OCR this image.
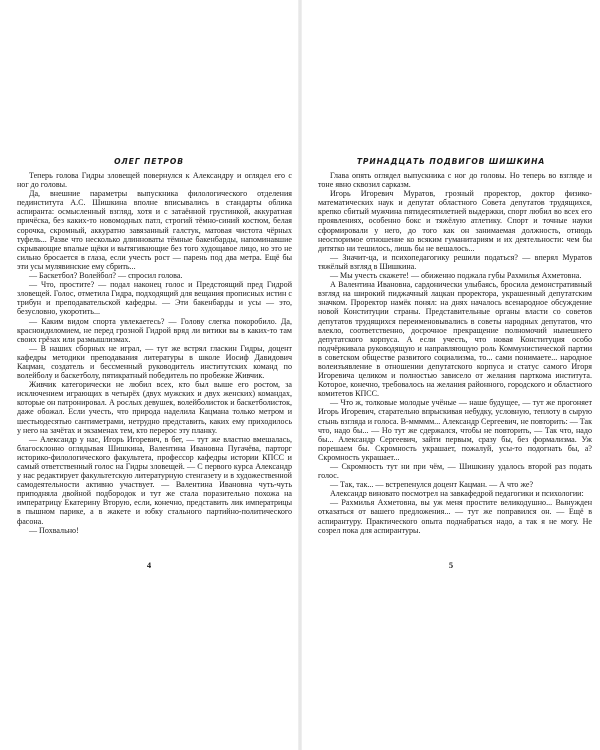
ОЛЕГ ПЕТРОВ

Теперь голова Гидры зловещей повернулся к Александру и оглядел его с ног до головы.

Да, внешние параметры выпускника филологического отделения пединститута А.С. Шишкина вполне вписывались в стандарты облика аспиранта: осмысленный взгляд, хотя и с затаённой грустинкой, аккуратная причёска, без каких-то новомодных патл, строгий тёмно-синий костюм, белая сорочка, скромный, аккуратно завязанный галстук, матовая чистота чёрных туфель... Разве что несколько длинноваты тёмные бакенбарды, напоминавшие скрывающие впалые щёки и вытягивающие без того худощавое лицо, но это не сильно бросается в глаза, если учесть рост — парень под два метра. Ещё бы эти усы мулявинские ему сбрить...

— Баскетбол? Волейбол? — спросил голова.

— Что, простите? — подал наконец голос и Предстоящий пред Гидрой зловещей. Голос, отметила Гидра, подходящий для вещания прописных истин с трибун и преподавательской кафедры. — Эти бакенбарды и усы — это, безусловно, укоротить...

— Каким видом спорта увлекаетесь? — Голову слегка покоробило. Да, красноидиломием, не перед грозной Гидрой вряд ли витики вы в каких-то там своих грёзах или размышлизмах.

— В наших сборных не играл, — тут же встрял гласкин Гидры, доцент кафедры методики преподавания литературы в школе Иосиф Давидович Кацман, создатель и бессменный руководитель институтских команд по волейболу и баскетболу, пятикратный победитель по пробежке Живчик.

Живчик категорически не любил всех, кто был выше его ростом, за исключением играющих в четырёх (двух мужских и двух женских) командах, которые он патронировал. А рослых девушек, волейболисток и баскетболисток, даже обожал. Если учесть, что природа наделила Кацмана только метром и шестьюдесятью сантиметрами, нетрудно представить, каких ему приходилось у него на зачётах и экзаменах тем, кто перерос эту планку.

— Александр у нас, Игорь Игоревич, в бег, — тут же властно вмешалась, благосклонно оглядывая Шишкина, Валентина Ивановна Пугачёва, парторг историко-филологического факультета, профессор кафедры истории КПСС и самый ответственный голос на Гидры зловещей. — С первого курса Александр у нас редактирует факультетскую литературную стенгазету и в художественной самодеятельности активно участвует. — Валентина Ивановна чуть-чуть приподняла двойной подбородок и тут же стала поразительно похожа на императрицу Екатерину Вторую, если, конечно, представить лик императрицы в пышном парике, а в жакете и юбку стального партийно-политического фасона.

— Похвально!

4
ТРИНАДЦАТЬ ПОДВИГОВ ШИШКИНА

Глава опять оглядел выпускника с ног до головы. Но теперь во взгляде и тоне явно сквозил сарказм.

Игорь Игоревич Муратов, грозный проректор, доктор физико-математических наук и депутат областного Совета депутатов трудящихся, крепко сбитый мужчина пятидесятилетней выдержки, спорт любил во всех его проявлениях, особенно бокс и тяжёлую атлетику. Спорт и точные науки сформировали у него, до того как он занимаемая должность, отнюдь неоспоримое отношение ко всяким гуманитариям и их деятельности: чем бы дитятко ни тешилось, лишь бы не вешалось...

— Значит-ца, и психопедагогику решили податься? — вперял Муратов тяжёлый взгляд в Шишкина.

— Мы учесть скажете! — обиженно поджала губы Рахмилья Ахметовна.

А Валентина Ивановна, сардонически улыбаясь, бросила демонстративный взгляд на широкий пиджачный лацкан проректора, украшенный депутатским значком. Проректор намёк понял: на днях началось всенародное обсуждение новой Конституции страны. Представительные органы власти со советов депутатов трудящихся переименовывались в советы народных депутатов, что влекло, соответственно, досрочное прекращение полномочий нынешнего депутатского корпуса. А если учесть, что новая Конституция особо подчёркивала руководящую и направляющую роль Коммунистической партии в советском обществе развитого социализма, то... сами понимаете... народное волеизъявление в отношении депутатского корпуса и статус самого Игоря Игоревича целиком и полностью зависело от желания парткома института. Которое, конечно, требовалось на желания районного, городского и областного комитетов КПСС.

— Что ж, толковые молодые учёные — наше будущее, — тут же прогоняет Игорь Игоревич, старательно впрыскивая небудку, условную, теплоту в сырую стынь взгляда и голоса. В-ммммм... Александр Сергеевич, не повторить: — Так что, надо бы... — Но тут же сдержался, чтобы не повторить, — Так что, надо бы... Александр Сергеевич, зайти первым, сразу бы, без формализма. Уж порешаем бы. Скромность украшает, пожалуй, усы-то подогнать бы, а? Скромность украшает...

— Скромность тут ни при чём, — Шишкину удалось второй раз подать голос.

— Так, так... — встрепенулся доцент Кацман. — А что же?

Александр виновато посмотрел на завкафедрой педагогики и психологии:

— Рахмилья Ахметовна, вы уж меня простите великодушно... Вынужден отказаться от вашего предложения... — тут же поправился он. — Ещё в аспирантуру. Практического опыта поднабраться надо, а так я не могу. Не созрел пока для аспирантуры.

5
